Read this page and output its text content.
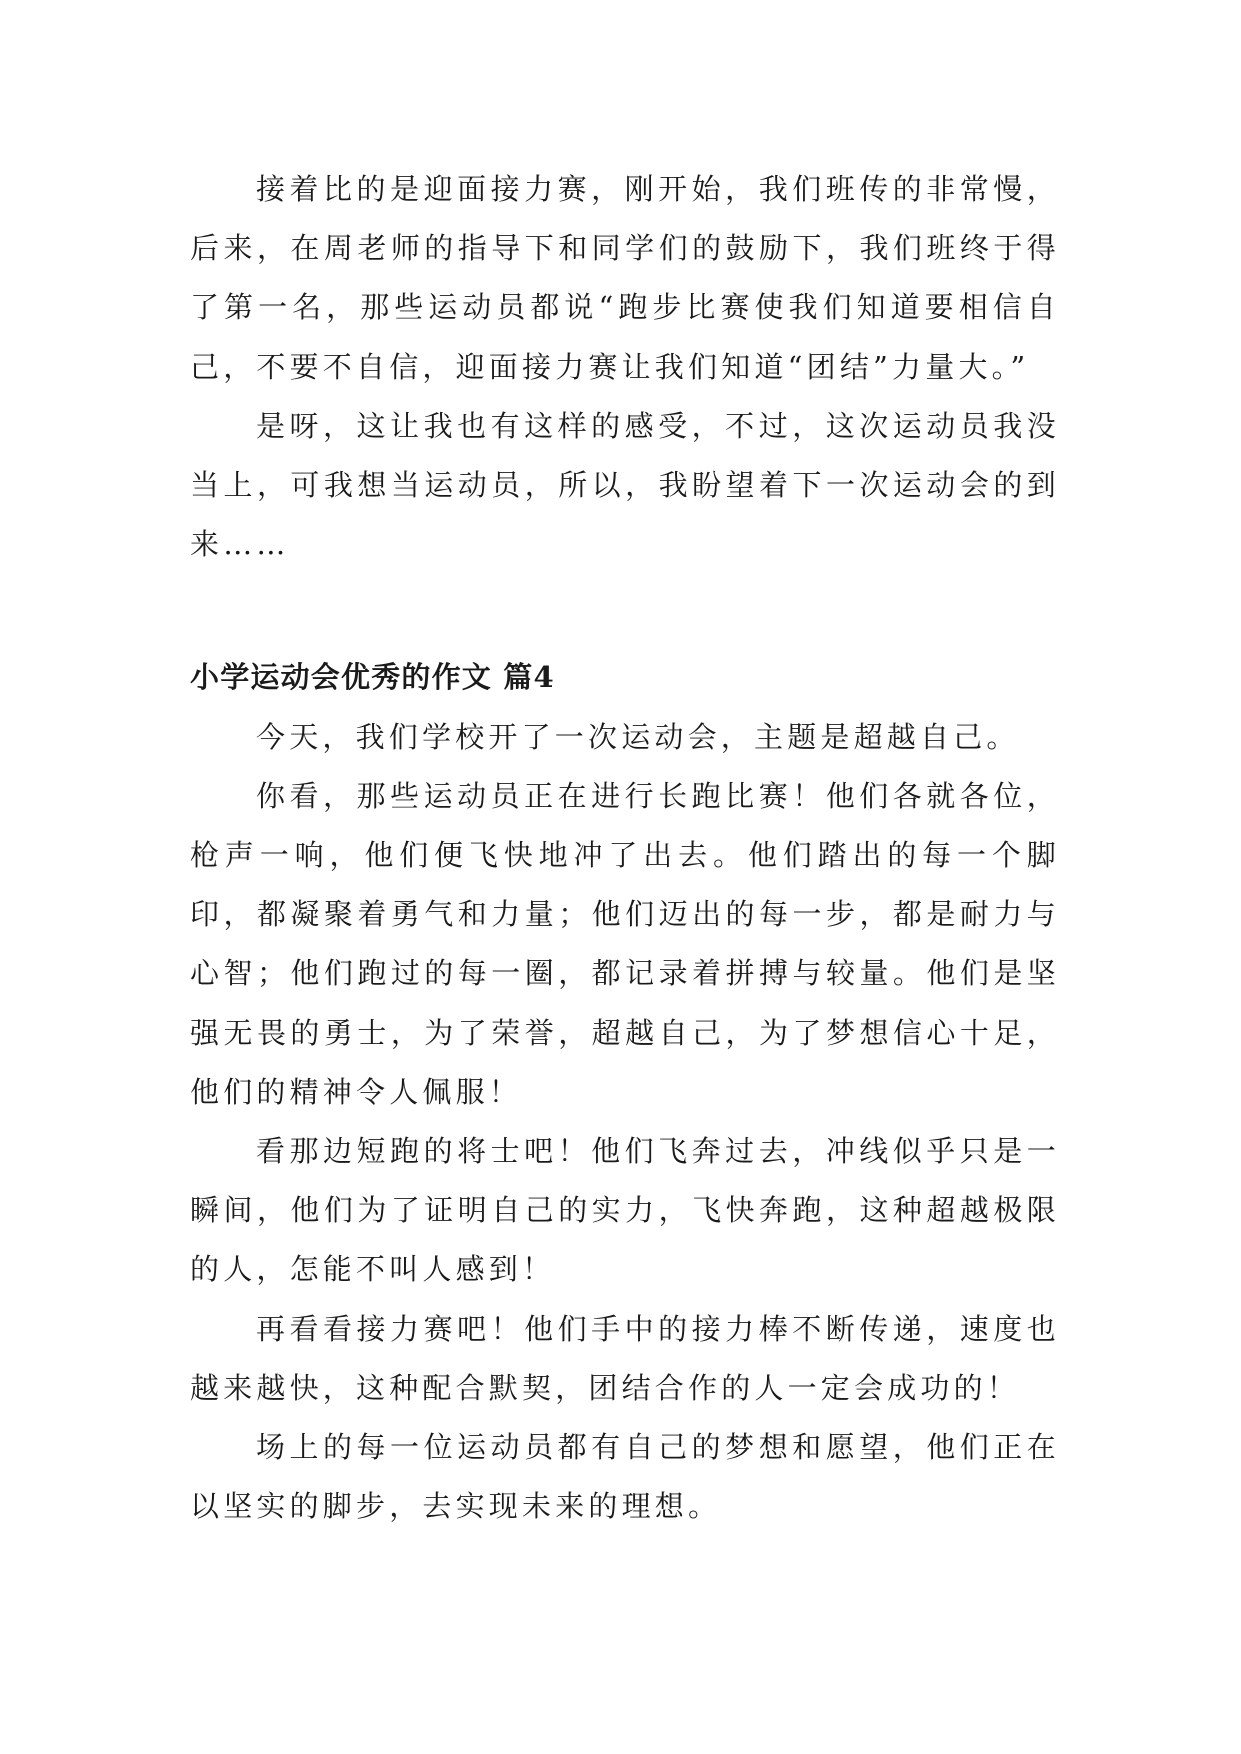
接着比的是迎面接力赛，刚开始，我们班传的非常慢，后来，在周老师的指导下和同学们的鼓励下，我们班终于得了第一名，那些运动员都说“跑步比赛使我们知道要相信自己，不要不自信，迎面接力赛让我们知道“团结”力量大。”

是呀，这让我也有这样的感受，不过，这次运动员我没当上，可我想当运动员，所以，我盼望着下一次运动会的到来……

小学运动会优秀的作文 篇4

今天，我们学校开了一次运动会，主题是超越自己。

你看，那些运动员正在进行长跑比赛！他们各就各位，枪声一响，他们便飞快地冲了出去。他们踏出的每一个脚印，都凝聚着勇气和力量；他们迈出的每一步，都是耐力与心智；他们跑过的每一圈，都记录着拼搏与较量。他们是坚强无畏的勇士，为了荣誉，超越自己，为了梦想信心十足，他们的精神令人佩服！

看那边短跑的将士吧！他们飞奔过去，冲线似乎只是一瞬间，他们为了证明自己的实力，飞快奔跑，这种超越极限的人，怎能不叫人感到！

再看看接力赛吧！他们手中的接力棒不断传递，速度也越来越快，这种配合默契，团结合作的人一定会成功的！

场上的每一位运动员都有自己的梦想和愿望，他们正在以坚实的脚步，去实现未来的理想。
